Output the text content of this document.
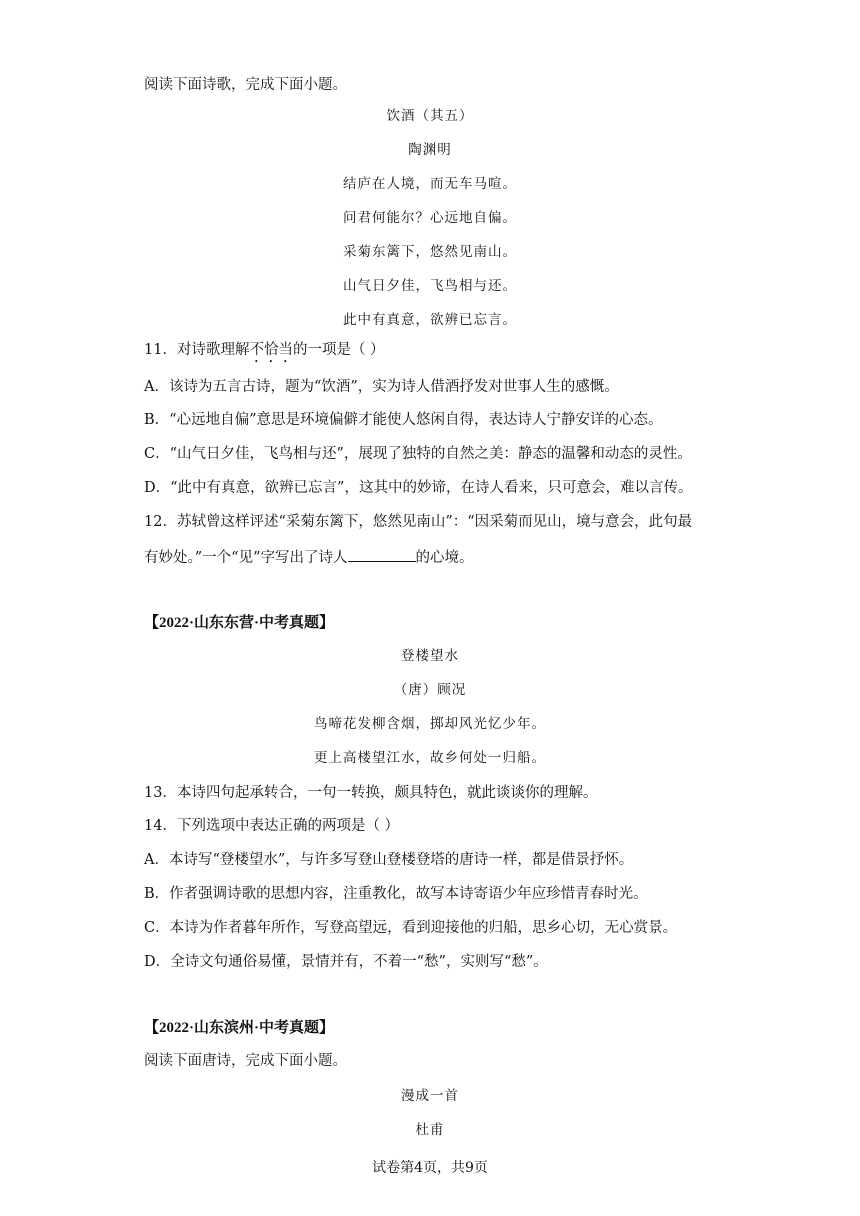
阅读下面诗歌，完成下面小题。
饮酒（其五）
陶渊明
结庐在人境，而无车马喧。
问君何能尔？心远地自偏。
采菊东篱下，悠然见南山。
山气日夕佳，飞鸟相与还。
此中有真意，欲辨已忘言。
11．对诗歌理解不恰当的一项是（ ）
A．该诗为五言古诗，题为“饮酒”，实为诗人借酒抒发对世事人生的感慨。
B．“心远地自偏”意思是环境偏僻才能使人悠闲自得，表达诗人宁静安详的心态。
C．“山气日夕佳，飞鸟相与还”，展现了独特的自然之美：静态的温馨和动态的灵性。
D．“此中有真意，欲辨已忘言”，这其中的妙谛，在诗人看来，只可意会，难以言传。
12．苏轼曾这样评述“采菊东篱下，悠然见南山”：“因采菊而见山，境与意会，此句最
有妙处。”一个“见”字写出了诗人	的心境。
【2022·山东东营·中考真题】
登楼望水
（唐）顾况
鸟啼花发柳含烟，掷却风光忆少年。
更上高楼望江水，故乡何处一归船。
13．本诗四句起承转合，一句一转换，颇具特色，就此谈谈你的理解。
14．下列选项中表达正确的两项是（ ）
A．本诗写“登楼望水”，与许多写登山登楼登塔的唐诗一样，都是借景抒怀。
B．作者强调诗歌的思想内容，注重教化，故写本诗寄语少年应珍惜青春时光。
C．本诗为作者暮年所作，写登高望远，看到迎接他的归船，思乡心切，无心赏景。
D．全诗文句通俗易懂，景情并有，不着一“愁”，实则写“愁”。
【2022·山东滨州·中考真题】
阅读下面唐诗，完成下面小题。
漫成一首
杜甫
试卷第4页，共9页
